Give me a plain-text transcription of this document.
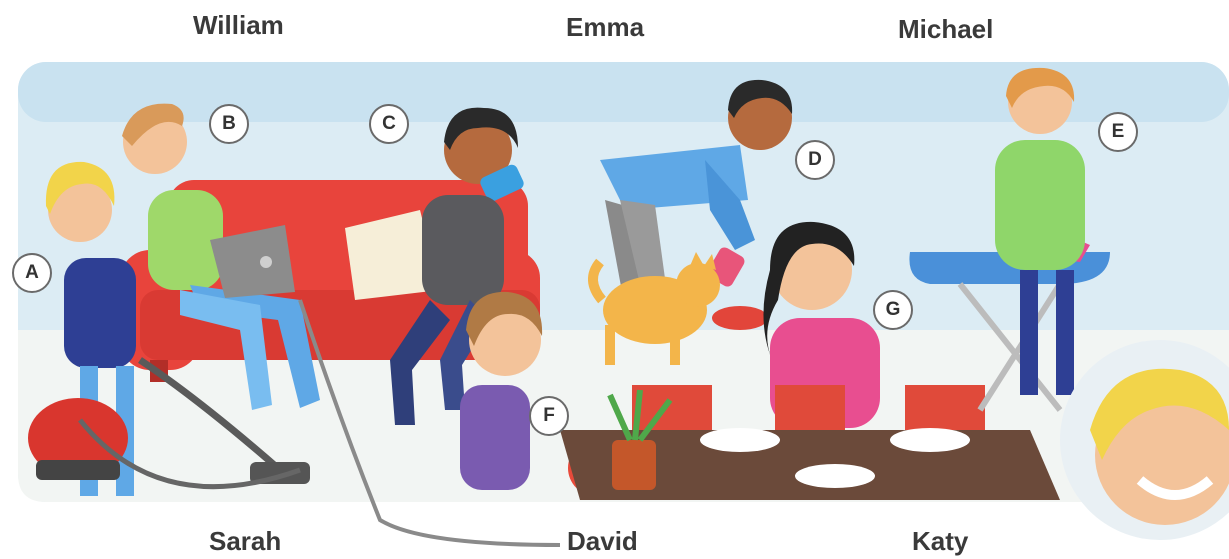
William	Emma	Michael
Sarah	David	Katy
A
B	C
D
E
F
G
